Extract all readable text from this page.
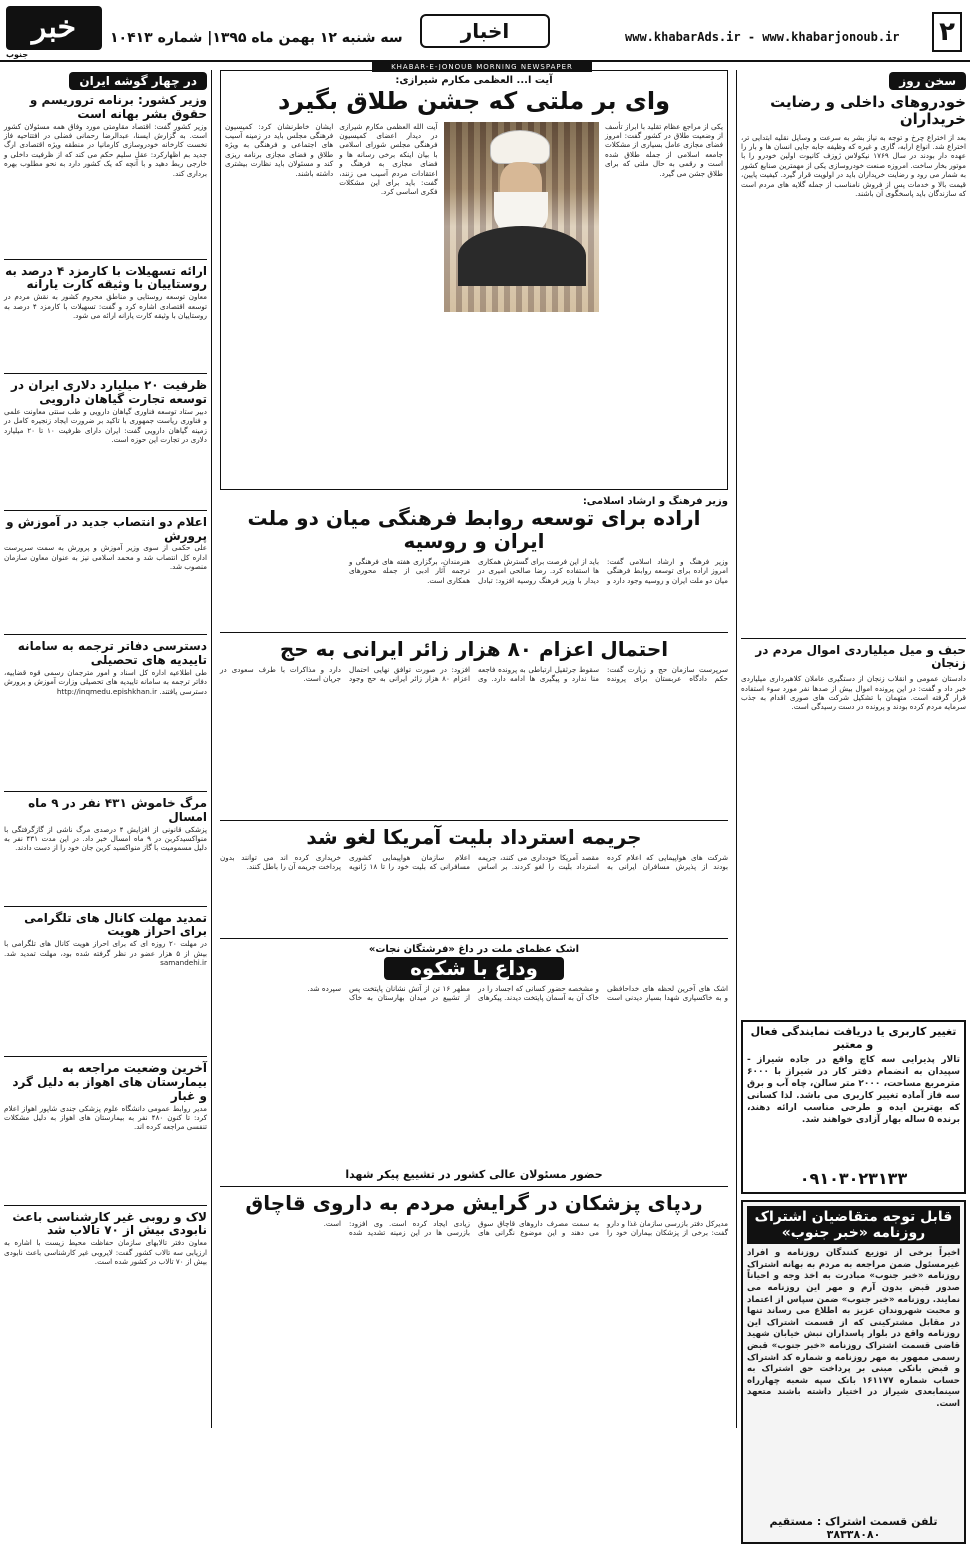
خبر
جنوب
سه شنبه ۱۲ بهمن ماه ۱۳۹۵| شماره ۱۰۴۱۳	اخبار	www.khabarAds.ir - www.khabarjonoub.ir ۲
KHABAR-E-JONOUB MORNING NEWSPAPER
در چهار گوشه ایران
وزیر کشور: برنامه تروریسم و حقوق بشر بهانه است
وزیر کشور گفت: اقتصاد مقاومتی مورد وفاق همه مسئولان کشور است. به گزارش ایسنا، عبدالرضا رحمانی فضلی در افتتاحیه فاز نخست کارخانه خودروسازی کارمانیا در منطقه ویژه اقتصادی ارگ جدید بم اظهارکرد: عقل سلیم حکم می کند که از ظرفیت داخلی و خارجی ربط دهید و با آنچه که یک کشور دارد به نحو مطلوب بهره برداری کند.
ارائه تسهیلات با کارمزد ۴ درصد به روستاییان با وثیقه کارت یارانه
معاون توسعه روستایی و مناطق محروم کشور به نقش مردم در توسعه اقتصادی اشاره کرد و گفت: تسهیلات با کارمزد ۴ درصد به روستاییان با وثیقه کارت یارانه ارائه می شود.
ظرفیت ۲۰ میلیارد دلاری ایران در توسعه تجارت گیاهان دارویی
دبیر ستاد توسعه فناوری گیاهان دارویی و طب سنتی معاونت علمی و فناوری ریاست جمهوری با تاکید بر ضرورت ایجاد زنجیره کامل در زمینه گیاهان دارویی گفت: ایران دارای ظرفیت ۱۰ تا ۲۰ میلیارد دلاری در تجارت این حوزه است.
اعلام دو انتصاب جدید در آموزش و پرورش
علی حکمی از سوی وزیر آموزش و پرورش به سمت سرپرست اداره کل انتصاب شد و محمد اسلامی نیز به عنوان معاون سازمان منصوب شد.
دسترسی دفاتر ترجمه به سامانه تاییدیه های تحصیلی
طی اطلاعیه اداره کل اسناد و امور مترجمان رسمی قوه قضاییه، دفاتر ترجمه به سامانه تاییدیه های تحصیلی وزارت آموزش و پرورش دسترسی یافتند. http://inqmedu.epishkhan.ir
مرگ خاموش ۴۳۱ نفر در ۹ ماه امسال
پزشکی قانونی از افزایش ۴ درصدی مرگ ناشی از گازگرفتگی با منواکسیدکربن در ۹ ماه امسال خبر داد. در این مدت ۴۳۱ نفر به دلیل مسمومیت با گاز منواکسید کربن جان خود را از دست دادند.
تمدید مهلت کانال های تلگرامی برای احراز هویت
در مهلت ۲۰ روزه ای که برای احراز هویت کانال های تلگرامی با بیش از ۵ هزار عضو در نظر گرفته شده بود، مهلت تمدید شد. samandehi.ir
آخرین وضعیت مراجعه به بیمارستان های اهواز به دلیل گرد و غبار
مدیر روابط عمومی دانشگاه علوم پزشکی جندی شاپور اهواز اعلام کرد: تا کنون ۴۸۰ نفر به بیمارستان های اهواز به دلیل مشکلات تنفسی مراجعه کرده اند.
لاک و روبی غیر کارشناسی باعث نابودی بیش از ۷۰ تالاب شد
معاون دفتر تالابهای سازمان حفاظت محیط زیست با اشاره به ارزیابی سه تالاب کشور گفت: لایروبی غیر کارشناسی باعث نابودی بیش از ۷۰ تالاب در کشور شده است.
آیت ا... العظمی مکارم شیرازی:
وای بر ملتی که جشن طلاق بگیرد
یکی از مراجع عظام تقلید با ابراز تأسف از وضعیت طلاق در کشور گفت: امروز فضای مجازی عامل بسیاری از مشکلات جامعه اسلامی از جمله طلاق شده است و رقمی به حال ملتی که برای طلاق جشن می گیرد.
آیت الله العظمی مکارم شیرازی در دیدار اعضای کمیسیون فرهنگی مجلس شورای اسلامی با بیان اینکه برخی رسانه ها و فضای مجازی به فرهنگ و اعتقادات مردم آسیب می زنند، گفت: باید برای این مشکلات فکری اساسی کرد.
ایشان خاطرنشان کرد: کمیسیون فرهنگی مجلس باید در زمینه آسیب های اجتماعی و فرهنگی به ویژه طلاق و فضای مجازی برنامه ریزی کند و مسئولان باید نظارت بیشتری داشته باشند.
وزیر فرهنگ و ارشاد اسلامی:
اراده برای توسعه روابط فرهنگی میان دو ملت ایران و روسیه
وزیر فرهنگ و ارشاد اسلامی گفت: امروز اراده برای توسعه روابط فرهنگی میان دو ملت ایران و روسیه وجود دارد و باید از این فرصت برای گسترش همکاری ها استفاده کرد. رضا صالحی امیری در دیدار با وزیر فرهنگ روسیه افزود: تبادل هنرمندان، برگزاری هفته های فرهنگی و ترجمه آثار ادبی از جمله محورهای همکاری است.
احتمال اعزام ۸۰ هزار زائر ایرانی به حج
سرپرست سازمان حج و زیارت گفت: حکم دادگاه عربستان برای پرونده سقوط جرثقیل ارتباطی به پرونده فاجعه منا ندارد و پیگیری ها ادامه دارد. وی افزود: در صورت توافق نهایی احتمال اعزام ۸۰ هزار زائر ایرانی به حج وجود دارد و مذاکرات با طرف سعودی در جریان است.
جریمه استرداد بلیت آمریکا لغو شد
شرکت های هواپیمایی که اعلام کرده بودند از پذیرش مسافران ایرانی به مقصد آمریکا خودداری می کنند، جریمه استرداد بلیت را لغو کردند. بر اساس اعلام سازمان هواپیمایی کشوری مسافرانی که بلیت خود را تا ۱۸ ژانویه خریداری کرده اند می توانند بدون پرداخت جریمه آن را باطل کنند.
اشک عظمای ملت در داغ «فرشتگان نجات»
وداع با شکوه
اشک های آخرین لحظه های خداحافظی و به خاکسپاری شهدا بسیار دیدنی است و مشخصه حضور کسانی که اجساد را در خاک آن به آسمان پایتخت دیدند. پیکرهای مطهر ۱۶ تن از آتش نشانان پایتخت پس از تشییع در میدان بهارستان به خاک سپرده شد.
حضور مسئولان عالی کشور در تشییع پیکر شهدا
ردپای پزشکان در گرایش مردم به داروی قاچاق
مدیرکل دفتر بازرسی سازمان غذا و دارو گفت: برخی از پزشکان بیماران خود را به سمت مصرف داروهای قاچاق سوق می دهند و این موضوع نگرانی های زیادی ایجاد کرده است. وی افزود: بازرسی ها در این زمینه تشدید شده است.
سخن روز
خودروهای داخلی و رضایت خریداران
بعد از اختراع چرخ و توجه به نیاز بشر به سرعت و وسایل نقلیه ابتدایی تر، اختراع شد. انواع ارابه، گاری و غیره که وظیفه جابه جایی انسان ها و بار را عهده دار بودند در سال ۱۷۶۹ نیکولاس ژوزف کانیوت اولین خودرو را با موتور بخار ساخت. امروزه صنعت خودروسازی یکی از مهمترین صنایع کشور به شمار می رود و رضایت خریداران باید در اولویت قرار گیرد. کیفیت پایین، قیمت بالا و خدمات پس از فروش نامناسب از جمله گلایه های مردم است که سازندگان باید پاسخگوی آن باشند.
حبف و میل میلیاردی اموال مردم در زنجان
دادستان عمومی و انقلاب زنجان از دستگیری عاملان کلاهبرداری میلیاردی خبر داد و گفت: در این پرونده اموال بیش از صدها نفر مورد سوء استفاده قرار گرفته است. متهمان با تشکیل شرکت های صوری اقدام به جذب سرمایه مردم کرده بودند و پرونده در دست رسیدگی است.
تغییر کاربری یا دریافت نمایندگی فعال و معتبر
تالار پذیرایی سه کاچ واقع در جاده شیراز - سپیدان به انضمام دفتر کار در شیراز با ۶۰۰۰ مترمربع مساحت، ۲۰۰۰ متر سالن، چاه آب و برق سه فاز آماده تغییر کاربری می باشد. لذا کسانی که بهترین ایده و طرحی مناسب ارائه دهند، برنده ۵ ساله بهار آزادی خواهند شد.
۰۹۱۰۳۰۲۳۱۳۳
قابل توجه متقاضیان اشتراک روزنامه «خبر جنوب»
اخیراً برخی از توزیع کنندگان روزنامه و افراد غیرمسئول ضمن مراجعه به مردم به بهانه اشتراک روزنامه «خبر جنوب» مبادرت به اخذ وجه و احیاناً صدور قبض بدون آرم و مهر این روزنامه می نمایند. روزنامه «خبر جنوب» ضمن سپاس از اعتماد و محبت شهروندان عزیز به اطلاع می رساند تنها در مقابل مشترکینی که از قسمت اشتراک این روزنامه واقع در بلوار پاسداران نبش خیابان شهید قاضی قسمت اشتراک روزنامه «خبر جنوب» قبض رسمی ممهور به مهر روزنامه و شماره کد اشتراک و قبض بانکی مبنی بر پرداخت حق اشتراک به حساب شماره ۱۶۱۱۷۷ بانک سپه شعبه چهارراه سینمابعدی شیراز در اختیار داشته باشند متعهد است.
تلفن قسمت اشتراک : مستقیم ۳۸۳۳۸۰۸۰
